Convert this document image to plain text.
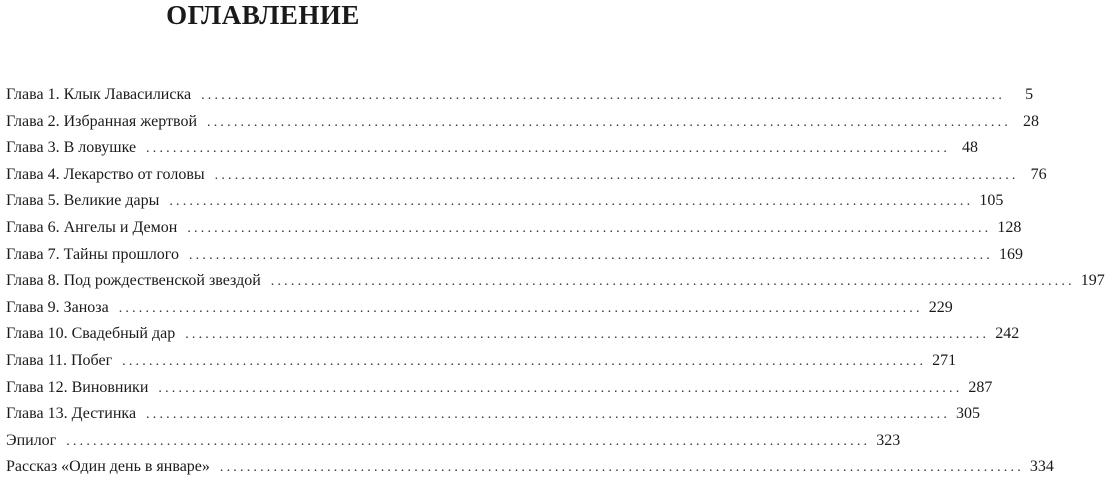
ОГЛАВЛЕНИЕ
Глава 1. Клык Лавасилиска ........................................................................................................................	5
Глава 2. Избранная жертвой ........................................................................................................................ 28
Глава 3. В ловушке ........................................................................................................................ 48
Глава 4. Лекарство от головы ........................................................................................................................ 76
Глава 5. Великие дары ........................................................................................................................ 105
Глава 6. Ангелы и Демон ........................................................................................................................ 128
Глава 7. Тайны прошлого ........................................................................................................................ 169
Глава 8. Под рождественской звездой ........................................................................................................................ 197
Глава 9. Заноза ........................................................................................................................ 229
Глава 10. Свадебный дар ........................................................................................................................ 242
Глава 11. Побег ........................................................................................................................ 271
Глава 12. Виновники ........................................................................................................................ 287
Глава 13. Дестинка ........................................................................................................................ 305
Эпилог ........................................................................................................................ 323
Рассказ «Один день в январе» ........................................................................................................................ 334
